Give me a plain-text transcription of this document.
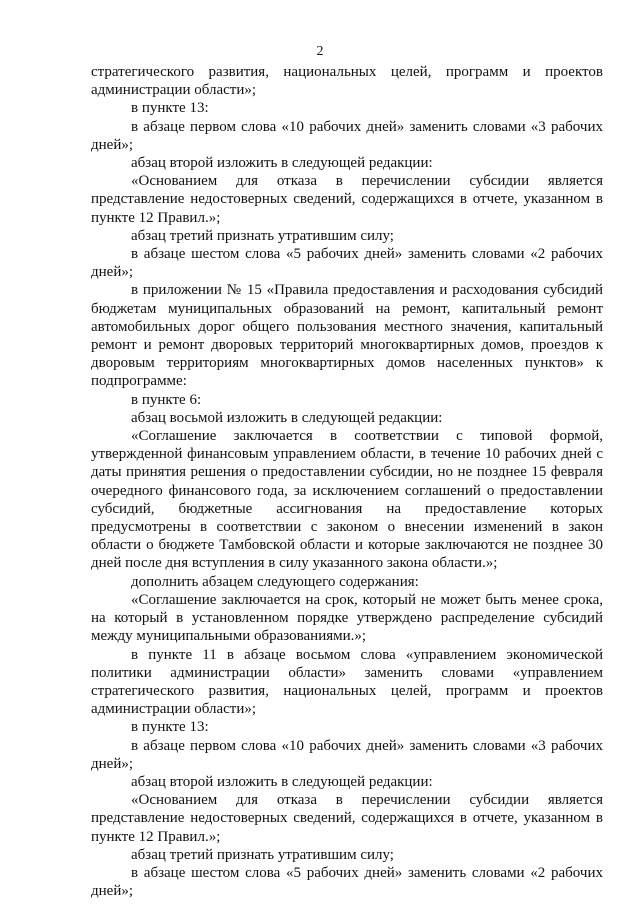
2

стратегического развития, национальных целей, программ и проектов администрации области»;

в пункте 13:

в абзаце первом слова «10 рабочих дней» заменить словами «3 рабочих дней»;

абзац второй изложить в следующей редакции:

«Основанием для отказа в перечислении субсидии является представление недостоверных сведений, содержащихся в отчете, указанном в пункте 12 Правил.»;

абзац третий признать утратившим силу;

в абзаце шестом слова «5 рабочих дней» заменить словами «2 рабочих дней»;

в приложении № 15 «Правила предоставления и расходования субсидий бюджетам муниципальных образований на ремонт, капитальный ремонт автомобильных дорог общего пользования местного значения, капитальный ремонт и ремонт дворовых территорий многоквартирных домов, проездов к дворовым территориям многоквартирных домов населенных пунктов» к подпрограмме:

в пункте 6:

абзац восьмой изложить в следующей редакции:

«Соглашение заключается в соответствии с типовой формой, утвержденной финансовым управлением области, в течение 10 рабочих дней с даты принятия решения о предоставлении субсидии, но не позднее 15 февраля очередного финансового года, за исключением соглашений о предоставлении субсидий, бюджетные ассигнования на предоставление которых предусмотрены в соответствии с законом о внесении изменений в закон области о бюджете Тамбовской области и которые заключаются не позднее 30 дней после дня вступления в силу указанного закона области.»;

дополнить абзацем следующего содержания:

«Соглашение заключается на срок, который не может быть менее срока, на который в установленном порядке утверждено распределение субсидий между муниципальными образованиями.»;

в пункте 11 в абзаце восьмом слова «управлением экономической политики администрации области» заменить словами «управлением стратегического развития, национальных целей, программ и проектов администрации области»;

в пункте 13:

в абзаце первом слова «10 рабочих дней» заменить словами «3 рабочих дней»;

абзац второй изложить в следующей редакции:

«Основанием для отказа в перечислении субсидии является представление недостоверных сведений, содержащихся в отчете, указанном в пункте 12 Правил.»;

абзац третий признать утратившим силу;

в абзаце шестом слова «5 рабочих дней» заменить словами «2 рабочих дней»;
